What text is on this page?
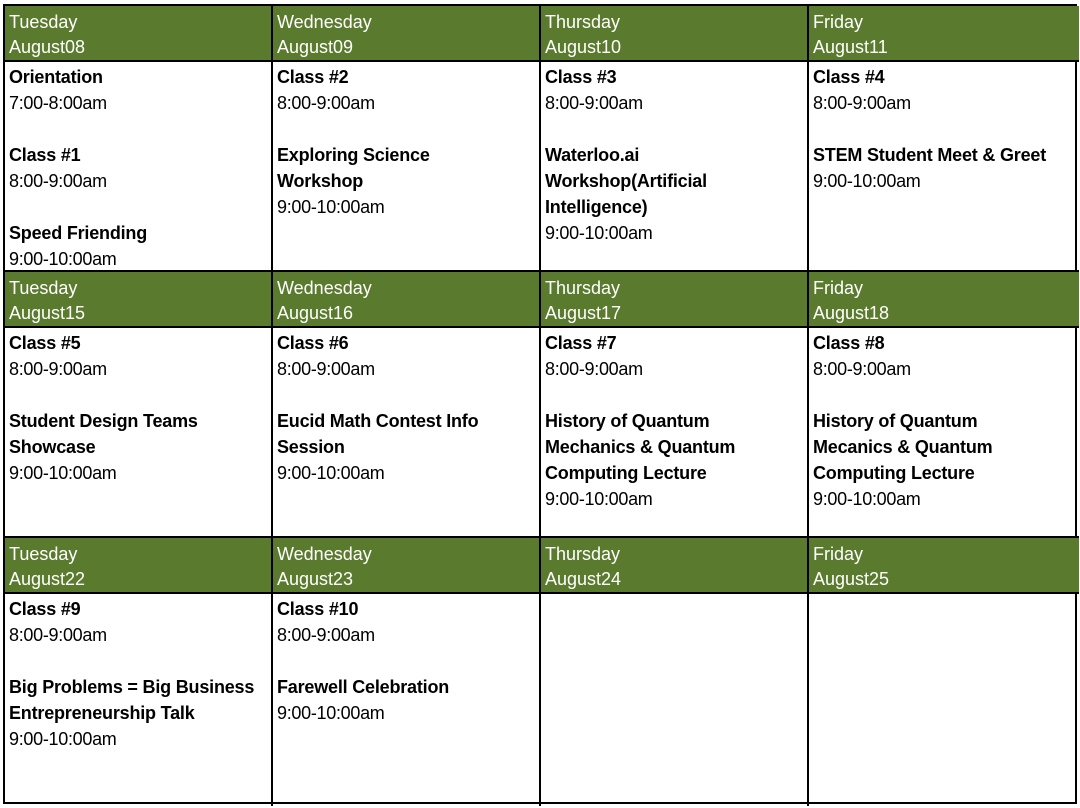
Tuesday
August08
Wednesday
August09
Thursday
August10
Friday
August11
Orientation
7:00-8:00am
Class #1
8:00-9:00am
Speed Friending
9:00-10:00am
Class #2
8:00-9:00am
Exploring Science Workshop
9:00-10:00am
Class #3
8:00-9:00am
Waterloo.ai Workshop(Artificial Intelligence)
9:00-10:00am
Class #4
8:00-9:00am
STEM Student Meet & Greet
9:00-10:00am
Tuesday
August15
Wednesday
August16
Thursday
August17
Friday
August18
Class #5
8:00-9:00am
Student Design Teams Showcase
9:00-10:00am
Class #6
8:00-9:00am
Eucid Math Contest Info Session
9:00-10:00am
Class #7
8:00-9:00am
History of Quantum Mechanics & Quantum Computing Lecture
9:00-10:00am
Class #8
8:00-9:00am
History of Quantum Mecanics & Quantum Computing Lecture
9:00-10:00am
Tuesday
August22
Wednesday
August23
Thursday
August24
Friday
August25
Class #9
8:00-9:00am
Big Problems = Big Business Entrepreneurship Talk
9:00-10:00am
Class #10
8:00-9:00am
Farewell Celebration
9:00-10:00am
